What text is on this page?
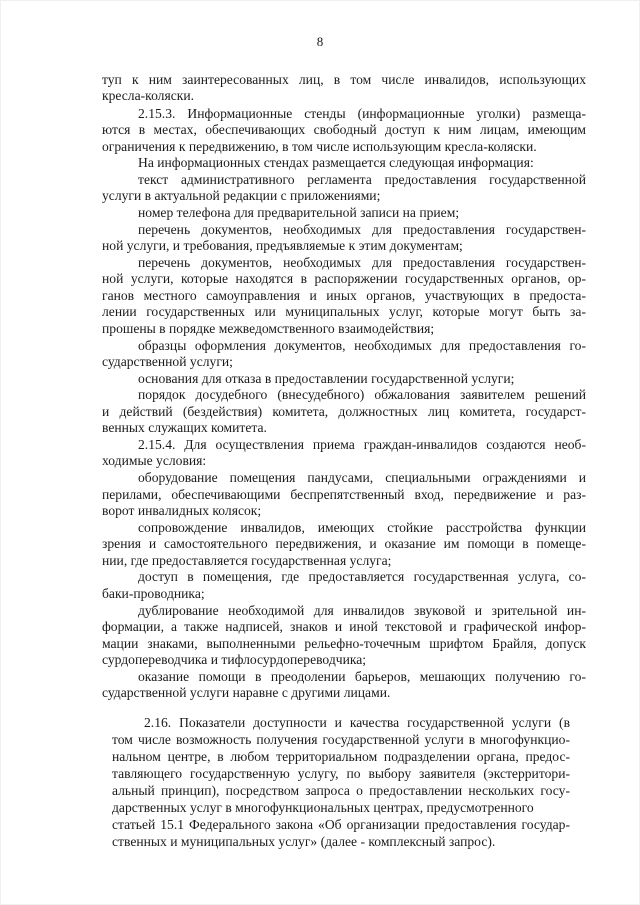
8
туп к ним заинтересованных лиц, в том числе инвалидов, использующих
кресла-коляски.
2.15.3. Информационные стенды (информационные уголки) размеща-
ются в местах, обеспечивающих свободный доступ к ним лицам, имеющим
ограничения к передвижению, в том числе использующим кресла-коляски.
На информационных стендах размещается следующая информация:
текст административного регламента предоставления государственной
услуги в актуальной редакции с приложениями;
номер телефона для предварительной записи на прием;
перечень документов, необходимых для предоставления государствен-
ной услуги, и требования, предъявляемые к этим документам;
перечень документов, необходимых для предоставления государствен-
ной услуги, которые находятся в распоряжении государственных органов, ор-
ганов местного самоуправления и иных органов, участвующих в предоста-
лении государственных или муниципальных услуг, которые могут быть за-
прошены в порядке межведомственного взаимодействия;
образцы оформления документов, необходимых для предоставления го-
сударственной услуги;
основания для отказа в предоставлении государственной услуги;
порядок досудебного (внесудебного) обжалования заявителем решений
и действий (бездействия) комитета, должностных лиц комитета, государст-
венных служащих комитета.
2.15.4. Для осуществления приема граждан-инвалидов создаются необ-
ходимые условия:
оборудование помещения пандусами, специальными ограждениями и
перилами, обеспечивающими беспрепятственный вход, передвижение и раз-
ворот инвалидных колясок;
сопровождение инвалидов, имеющих стойкие расстройства функции
зрения и самостоятельного передвижения, и оказание им помощи в помеще-
нии, где предоставляется государственная услуга;
доступ в помещения, где предоставляется государственная услуга, со-
баки-проводника;
дублирование необходимой для инвалидов звуковой и зрительной ин-
формации, а также надписей, знаков и иной текстовой и графической инфор-
мации знаками, выполненными рельефно-точечным шрифтом Брайля, допуск
сурдопереводчика и тифлосурдопереводчика;
оказание помощи в преодолении барьеров, мешающих получению го-
сударственной услуги наравне с другими лицами.
2.16. Показатели доступности и качества государственной услуги (в
том числе возможность получения государственной услуги в многофункцио-
нальном центре, в любом территориальном подразделении органа, предос-
тавляющего государственную услугу, по выбору заявителя (экстерритори-
альный принцип), посредством запроса о предоставлении нескольких госу-
дарственных услуг в многофункциональных центрах, предусмотренного
статьей 15.1 Федерального закона «Об организации предоставления государ-
ственных и муниципальных услуг» (далее - комплексный запрос).
